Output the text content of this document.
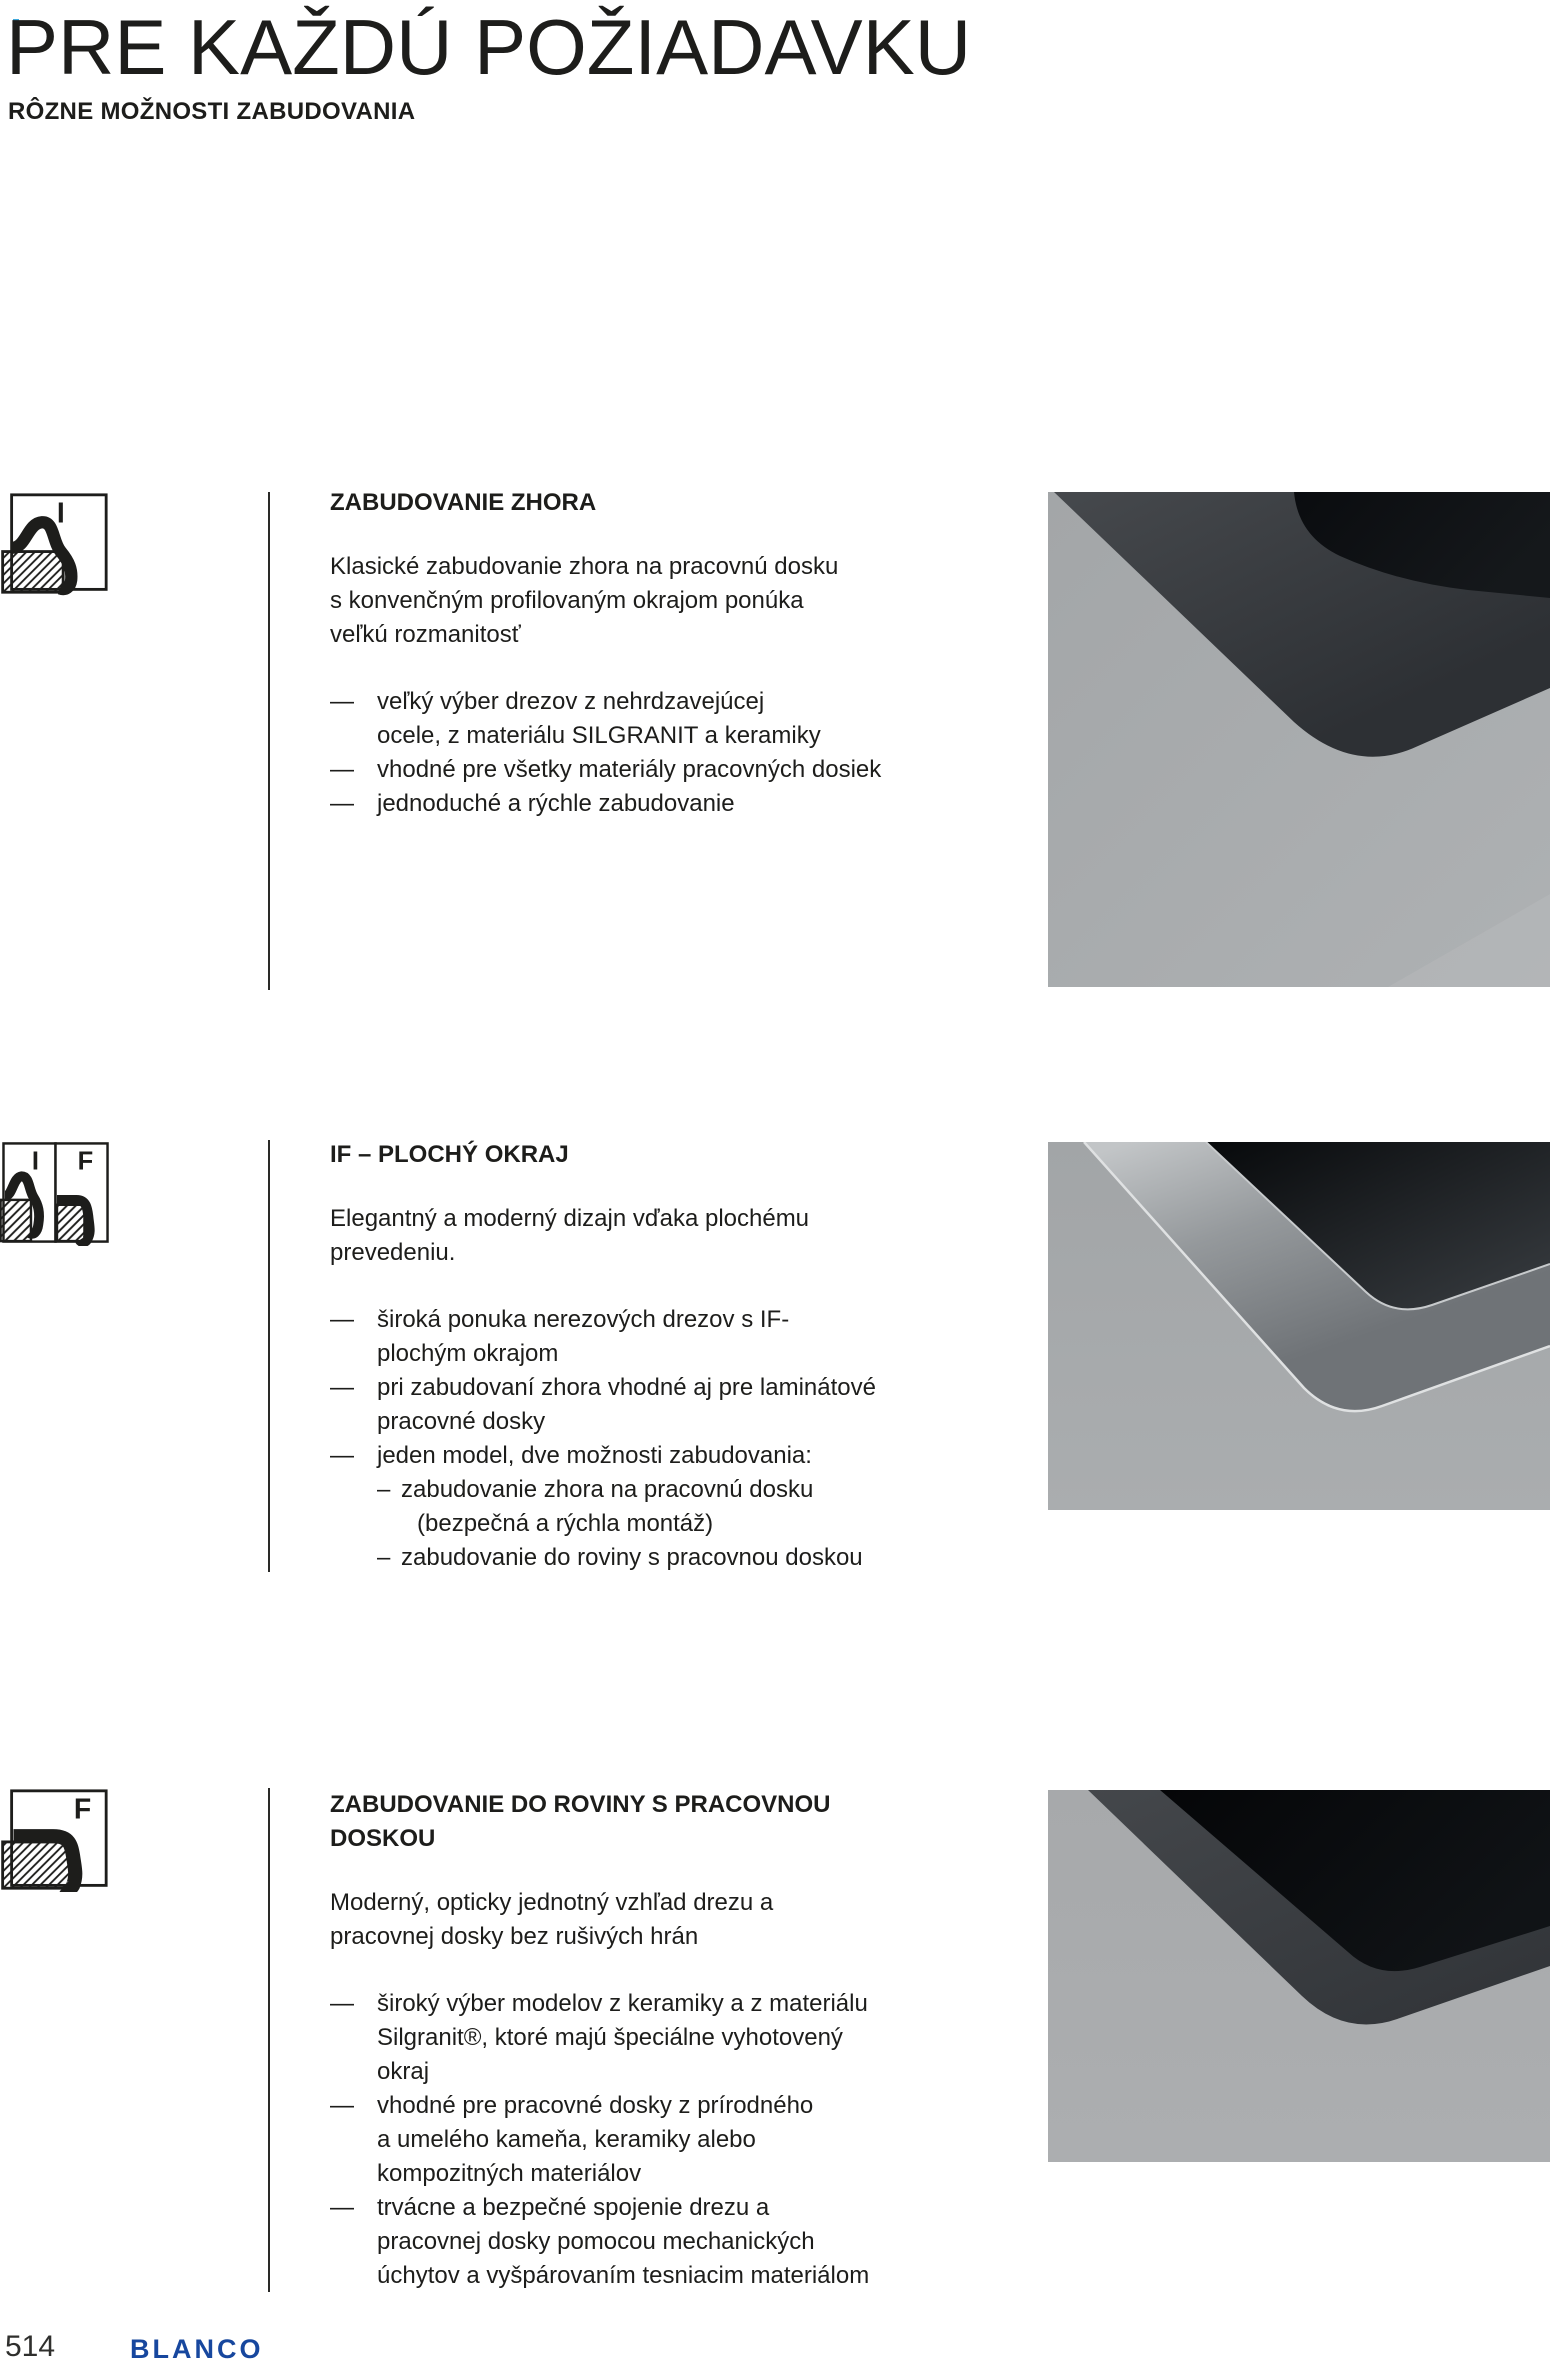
PRE KAŽDÚ POŽIADAVKU
RÔZNE MOŽNOSTI ZABUDOVANIA
I	ZABUDOVANIE ZHORA

Klasické zabudovanie zhora na pracovnú dosku
s konvenčným profilovaným okrajom ponúka
veľkú rozmanitosť

— veľký výber drezov z nehrdzavejúcej
ocele, z materiálu SILGRANIT a keramiky
— vhodné pre všetky materiály pracovných dosiek
— jednoduché a rýchle zabudovanie
I F	IF – PLOCHÝ OKRAJ

Elegantný a moderný dizajn vďaka plochému
prevedeniu.

— široká ponuka nerezových drezov s IF-
plochým okrajom
— pri zabudovaní zhora vhodné aj pre laminátové
pracovné dosky
— jeden model, dve možnosti zabudovania:
– zabudovanie zhora na pracovnú dosku
(bezpečná a rýchla montáž)
– zabudovanie do roviny s pracovnou doskou
F	ZABUDOVANIE DO ROVINY S PRACOVNOU
DOSKOU

Moderný, opticky jednotný vzhľad drezu a
pracovnej dosky bez rušivých hrán

— široký výber modelov z keramiky a z materiálu
Silgranit®, ktoré majú špeciálne vyhotovený
okraj
— vhodné pre pracovné dosky z prírodného
a umelého kameňa, keramiky alebo
kompozitných materiálov
— trvácne a bezpečné spojenie drezu a
pracovnej dosky pomocou mechanických
úchytov a vyšpárovaním tesniacim materiálom
514	BLANCO
